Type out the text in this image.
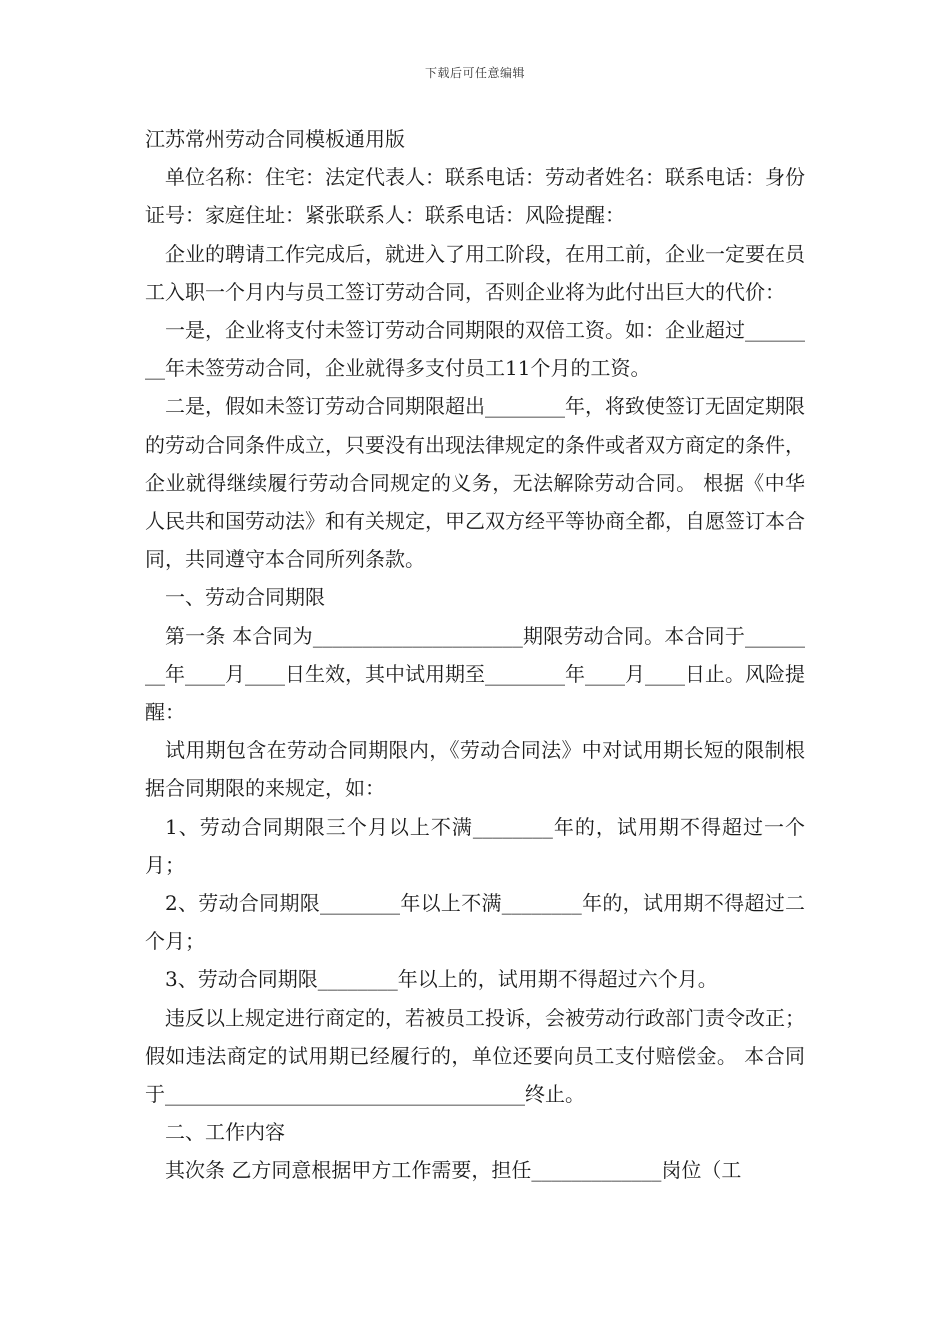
下载后可任意编辑

江苏常州劳动合同模板通用版

单位名称：住宅：法定代表人：联系电话：劳动者姓名：联系电话：身份证号：家庭住址：紧张联系人：联系电话：风险提醒：

企业的聘请工作完成后，就进入了用工阶段，在用工前，企业一定要在员工入职一个月内与员工签订劳动合同，否则企业将为此付出巨大的代价：

一是，企业将支付未签订劳动合同期限的双倍工资。如：企业超过________年未签劳动合同，企业就得多支付员工11个月的工资。

二是，假如未签订劳动合同期限超出________年，将致使签订无固定期限的劳动合同条件成立，只要没有出现法律规定的条件或者双方商定的条件，企业就得继续履行劳动合同规定的义务，无法解除劳动合同。 根据《中华人民共和国劳动法》和有关规定，甲乙双方经平等协商全都，自愿签订本合同，共同遵守本合同所列条款。

一、劳动合同期限

第一条 本合同为_____________________期限劳动合同。本合同于________年____月____日生效，其中试用期至________年____月____日止。风险提醒：

试用期包含在劳动合同期限内，《劳动合同法》中对试用期长短的限制根据合同期限的来规定，如：

1、劳动合同期限三个月以上不满________年的，试用期不得超过一个月；

2、劳动合同期限________年以上不满________年的，试用期不得超过二个月；

3、劳动合同期限________年以上的，试用期不得超过六个月。

违反以上规定进行商定的，若被员工投诉，会被劳动行政部门责令改正；假如违法商定的试用期已经履行的，单位还要向员工支付赔偿金。 本合同于____________________________________终止。

二、工作内容

其次条 乙方同意根据甲方工作需要，担任_____________岗位（工
